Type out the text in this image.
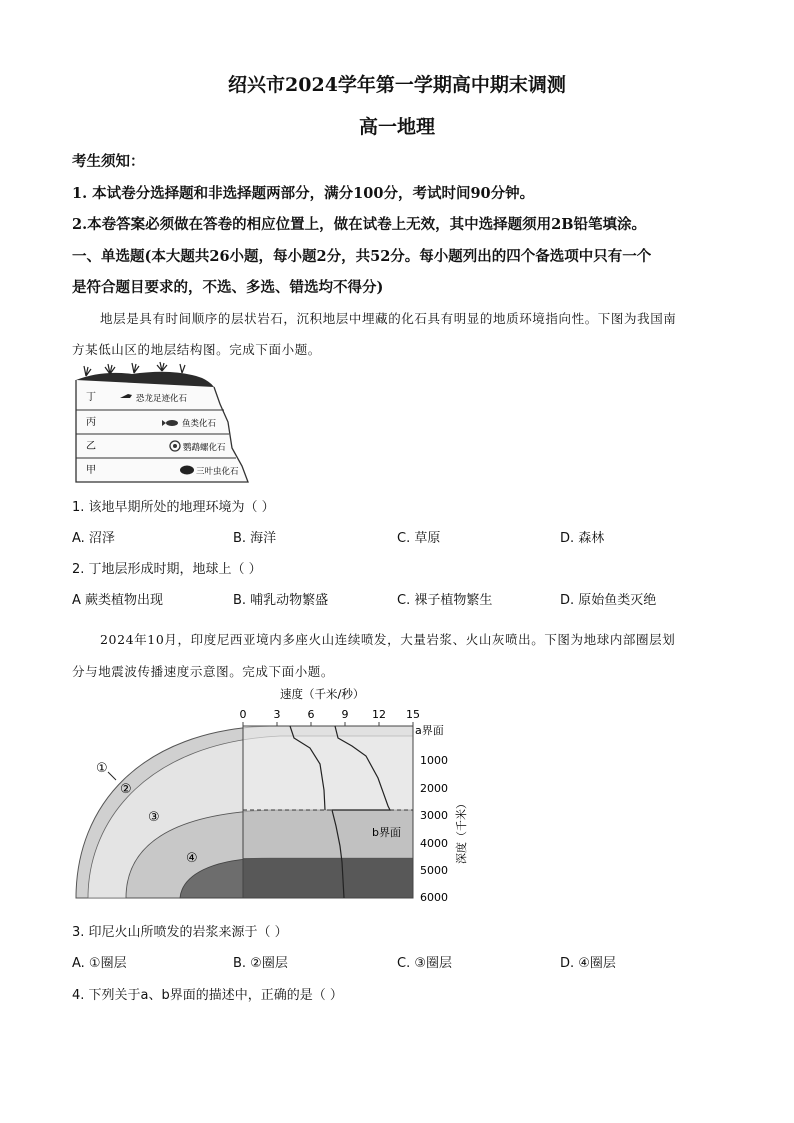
绍兴市2024学年第一学期高中期末调测
高一地理
考生须知：
1. 本试卷分选择题和非选择题两部分，满分100分，考试时间90分钟。
2.本卷答案必须做在答卷的相应位置上，做在试卷上无效，其中选择题须用2B铅笔填涂。
一、单选题(本大题共26小题，每小题2分，共52分。每小题列出的四个备选项中只有一个
是符合题目要求的，不选、多选、错选均不得分)
地层是具有时间顺序的层状岩石，沉积地层中埋藏的化石具有明显的地质环境指向性。下图为我国南
方某低山区的地层结构图。完成下面小题。
丁
丙
乙
甲
恐龙足迹化石
鱼类化石
鹦鹉螺化石
三叶虫化石
1. 该地早期所处的地理环境为（ ）
A. 沼泽	B. 海洋	C. 草原	D. 森林
2. 丁地层形成时期，地球上（ ）
A 蕨类植物出现	B. 哺乳动物繁盛	C. 裸子植物繁生	D. 原始鱼类灭绝
2024年10月，印度尼西亚境内多座火山连续喷发，大量岩浆、火山灰喷出。下图为地球内部圈层划
分与地震波传播速度示意图。完成下面小题。
速度（千米/秒）
0 3 6 9 12 15
1000
2000
3000
4000
5000
6000
深度（千米）
a界面
b界面
①
②
③
④
3. 印尼火山所喷发的岩浆来源于（ ）
A. ①圈层	B. ②圈层	C. ③圈层	D. ④圈层
4. 下列关于a、b界面的描述中，正确的是（ ）
